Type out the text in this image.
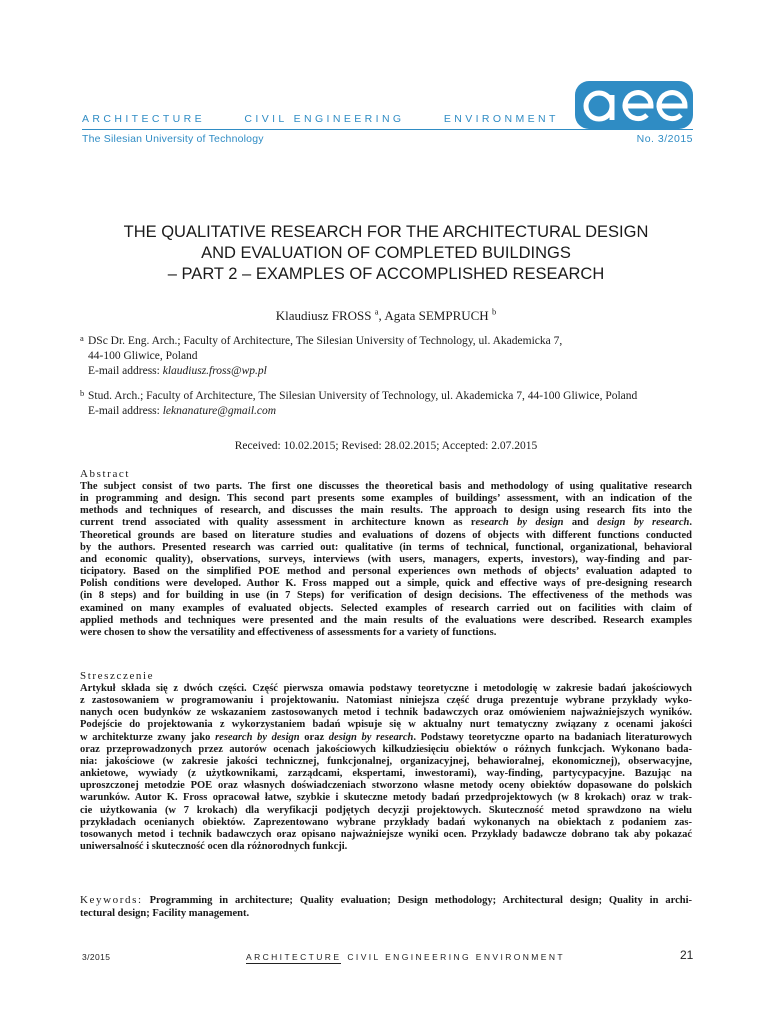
ARCHITECTURE	CIVIL ENGINEERING	ENVIRONMENT
aee
The Silesian University of Technology	No. 3/2015
THE QUALITATIVE RESEARCH FOR THE ARCHITECTURAL DESIGN
AND EVALUATION OF COMPLETED BUILDINGS
– PART 2 – EXAMPLES OF ACCOMPLISHED RESEARCH
Klaudiusz FROSS $^a$, Agata SEMPRUCH $^b$
a DSc Dr. Eng. Arch.; Faculty of Architecture, The Silesian University of Technology, ul. Akademicka 7,
44-100 Gliwice, Poland
E-mail address: klaudiusz.fross@wp.pl
b Stud. Arch.; Faculty of Architecture, The Silesian University of Technology, ul. Akademicka 7, 44-100 Gliwice, Poland
E-mail address: leknanature@gmail.com
Received: 10.02.2015; Revised: 28.02.2015; Accepted: 2.07.2015
Abstract
The subject consist of two parts. The first one discusses the theoretical basis and methodology of using qualitative research
in programming and design. This second part presents some examples of buildings’ assessment, with an indication of the
methods and techniques of research, and discusses the main results. The approach to design using research fits into the
current trend associated with quality assessment in architecture known as research by design and design by research.
Theoretical grounds are based on literature studies and evaluations of dozens of objects with different functions conducted
by the authors. Presented research was carried out: qualitative (in terms of technical, functional, organizational, behavioral
and economic quality), observations, surveys, interviews (with users, managers, experts, investors), way-finding and par-
ticipatory. Based on the simplified POE method and personal experiences own methods of objects’ evaluation adapted to
Polish conditions were developed. Author K. Fross mapped out a simple, quick and effective ways of pre-designing research
(in 8 steps) and for building in use (in 7 Steps) for verification of design decisions. The effectiveness of the methods was
examined on many examples of evaluated objects. Selected examples of research carried out on facilities with claim of
applied methods and techniques were presented and the main results of the evaluations were described. Research examples
were chosen to show the versatility and effectiveness of assessments for a variety of functions.
Streszczenie
Artykuł składa się z dwóch części. Część pierwsza omawia podstawy teoretyczne i metodologię w zakresie badań jakościowych
z zastosowaniem w programowaniu i projektowaniu. Natomiast niniejsza część druga prezentuje wybrane przykłady wyko-
nanych ocen budynków ze wskazaniem zastosowanych metod i technik badawczych oraz omówieniem najważniejszych wyników.
Podejście do projektowania z wykorzystaniem badań wpisuje się w aktualny nurt tematyczny związany z ocenami jakości
w architekturze zwany jako research by design oraz design by research. Podstawy teoretyczne oparto na badaniach literaturowych
oraz przeprowadzonych przez autorów ocenach jakościowych kilkudziesięciu obiektów o różnych funkcjach. Wykonano bada-
nia: jakościowe (w zakresie jakości technicznej, funkcjonalnej, organizacyjnej, behawioralnej, ekonomicznej), obserwacyjne,
ankietowe, wywiady (z użytkownikami, zarządcami, ekspertami, inwestorami), way-finding, partycypacyjne. Bazując na
uproszczonej metodzie POE oraz własnych doświadczeniach stworzono własne metody oceny obiektów dopasowane do polskich
warunków. Autor K. Fross opracował łatwe, szybkie i skuteczne metody badań przedprojektowych (w 8 krokach) oraz w trak-
cie użytkowania (w 7 krokach) dla weryfikacji podjętych decyzji projektowych. Skuteczność metod sprawdzono na wielu
przykładach ocenianych obiektów. Zaprezentowano wybrane przykłady badań wykonanych na obiektach z podaniem zas-
tosowanych metod i technik badawczych oraz opisano najważniejsze wyniki ocen. Przykłady badawcze dobrano tak aby pokazać
uniwersalność i skuteczność ocen dla różnorodnych funkcji.
Keywords: Programming in architecture; Quality evaluation; Design methodology; Architectural design; Quality in archi-
tectural design; Facility management.
3/2015	ARCHITECTURE CIVIL ENGINEERING ENVIRONMENT	21
